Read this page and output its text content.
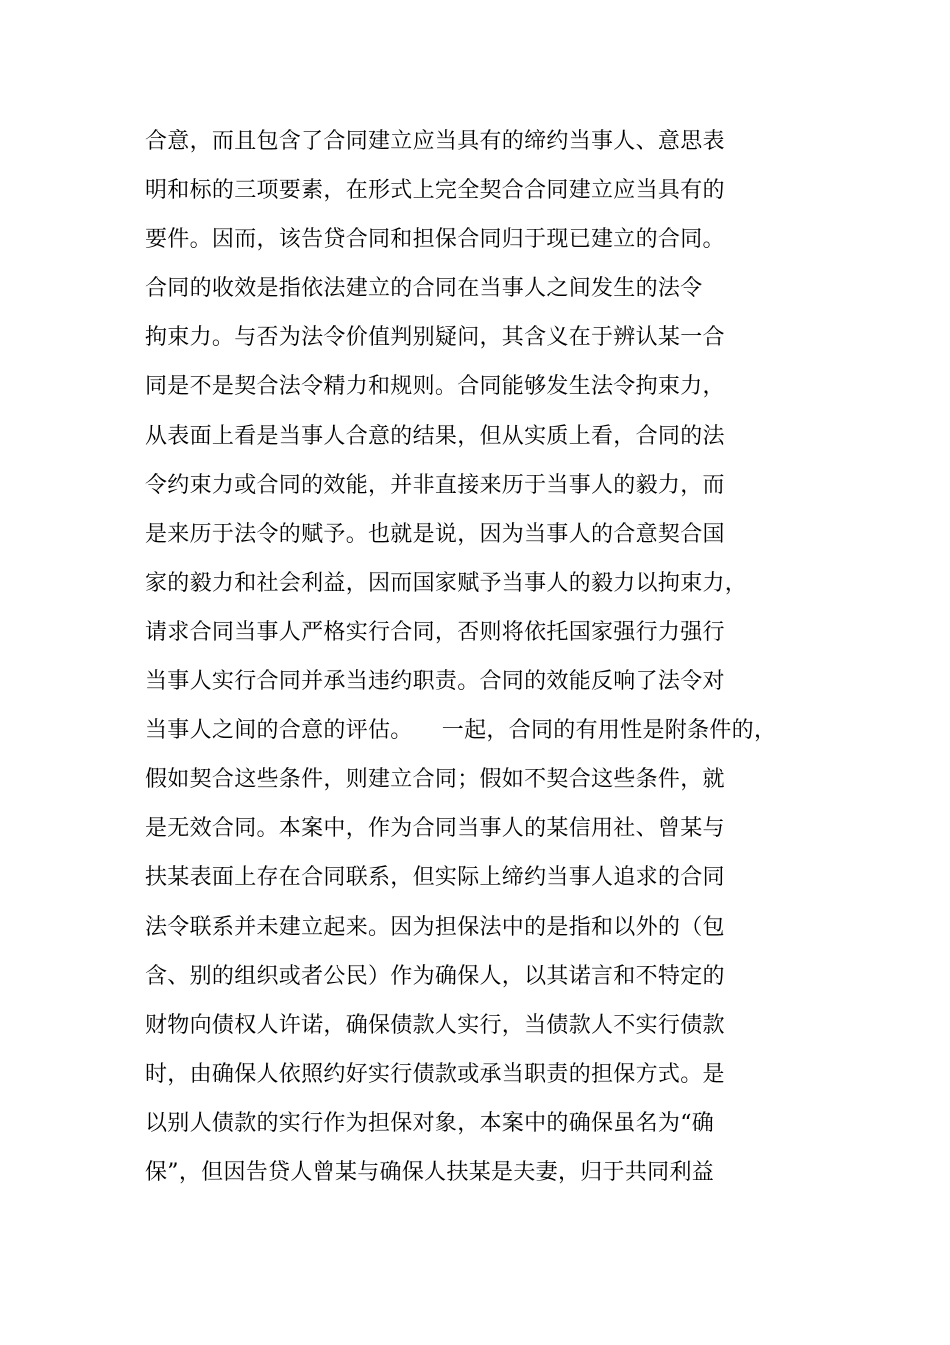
合意，而且包含了合同建立应当具有的缔约当事人、意思表
明和标的三项要素，在形式上完全契合合同建立应当具有的
要件。因而，该告贷合同和担保合同归于现已建立的合同。
合同的收效是指依法建立的合同在当事人之间发生的法令
拘束力。与否为法令价值判别疑问，其含义在于辨认某一合
同是不是契合法令精力和规则。合同能够发生法令拘束力，
从表面上看是当事人合意的结果，但从实质上看，合同的法
令约束力或合同的效能，并非直接来历于当事人的毅力，而
是来历于法令的赋予。也就是说，因为当事人的合意契合国
家的毅力和社会利益，因而国家赋予当事人的毅力以拘束力，
请求合同当事人严格实行合同，否则将依托国家强行力强行
当事人实行合同并承当违约职责。合同的效能反响了法令对
当事人之间的合意的评估。    一起，合同的有用性是附条件的，
假如契合这些条件，则建立合同；假如不契合这些条件，就
是无效合同。本案中，作为合同当事人的某信用社、曾某与
扶某表面上存在合同联系，但实际上缔约当事人追求的合同
法令联系并未建立起来。因为担保法中的是指和以外的（包
含、别的组织或者公民）作为确保人，以其诺言和不特定的
财物向债权人许诺，确保债款人实行，当债款人不实行债款
时，由确保人依照约好实行债款或承当职责的担保方式。是
以别人债款的实行作为担保对象，本案中的确保虽名为“确
保”，但因告贷人曾某与确保人扶某是夫妻，归于共同利益
